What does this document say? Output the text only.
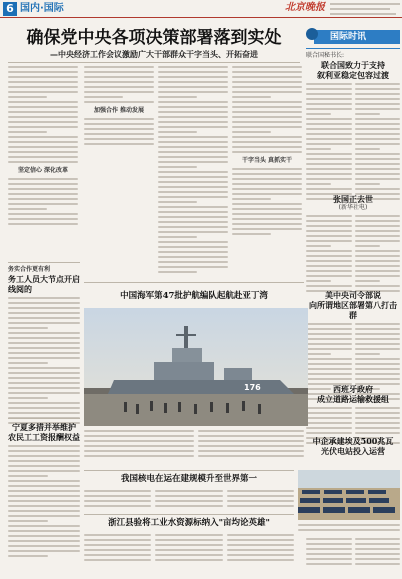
6 国内·国际	北京晚报
确保党中央各项决策部署落到实处
—中央经济工作会议激励广大干部群众干字当头、开拓奋进
坚定信心 深化改革
加强合作 推动发展
干字当头 真抓实干
国际时讯
联合国秘书长:
联合国致力于支持
叙利亚稳定包容过渡
张国正去世
(新华社电)
美中央司令部说
向所谓地区部署第八打击群
西班牙政府
成立道路运输救援组
中企承建埃及500兆瓦
光伏电站投入运营
务实合作更有利
务工人员大节点开启线阅的
宁夏多措并举维护
农民工工资报酬权益
中国海军第47批护航编队起航赴亚丁湾
176
我国核电在运在建规模升至世界第一
浙江县验将工业水资源标纳入"亩均论英雄"
